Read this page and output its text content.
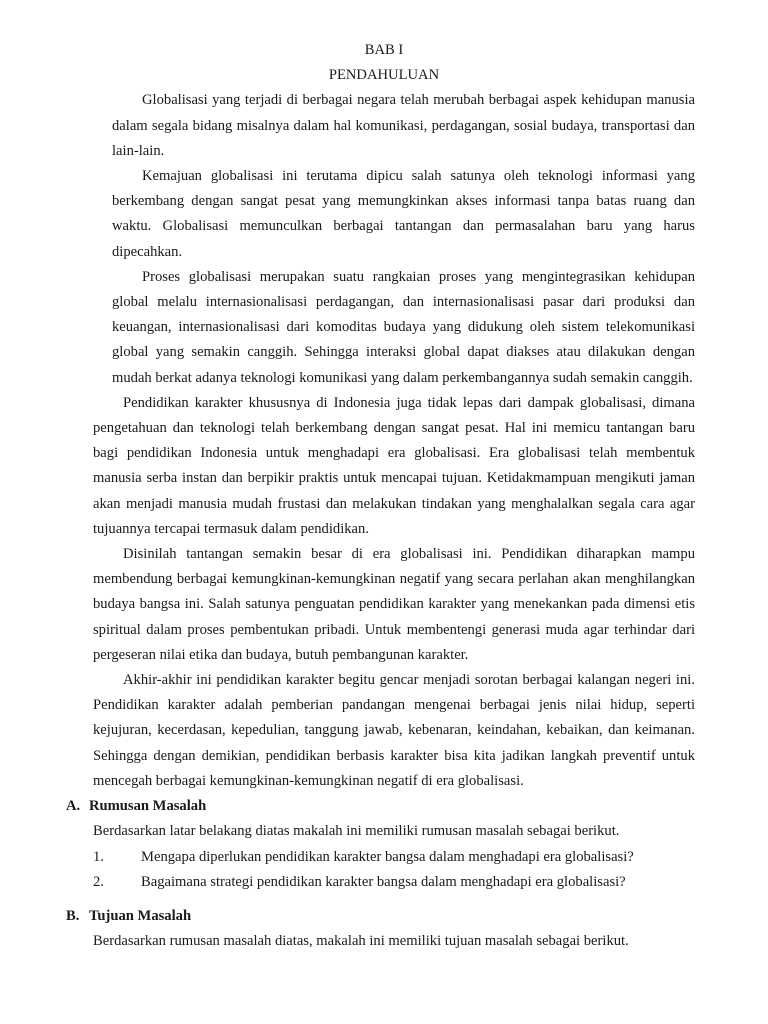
BAB I

PENDAHULUAN

Globalisasi yang terjadi di berbagai negara telah merubah berbagai aspek kehidupan manusia dalam segala bidang misalnya dalam hal komunikasi, perdagangan, sosial budaya, transportasi dan lain-lain.

Kemajuan globalisasi ini terutama dipicu salah satunya oleh teknologi informasi yang berkembang dengan sangat pesat yang memungkinkan akses informasi tanpa batas ruang dan waktu. Globalisasi memunculkan berbagai tantangan dan permasalahan baru yang harus dipecahkan.

Proses globalisasi merupakan suatu rangkaian proses yang mengintegrasikan kehidupan global melalu internasionalisasi perdagangan, dan internasionalisasi pasar dari produksi dan keuangan, internasionalisasi dari komoditas budaya yang didukung oleh sistem telekomunikasi global yang semakin canggih. Sehingga interaksi global dapat diakses atau dilakukan dengan mudah berkat adanya teknologi komunikasi yang dalam perkembangannya sudah semakin canggih.

Pendidikan karakter khususnya di Indonesia juga tidak lepas dari dampak globalisasi, dimana pengetahuan dan teknologi telah berkembang dengan sangat pesat. Hal ini memicu tantangan baru bagi pendidikan Indonesia untuk menghadapi era globalisasi. Era globalisasi telah membentuk manusia serba instan dan berpikir praktis untuk mencapai tujuan. Ketidakmampuan mengikuti jaman akan menjadi manusia mudah frustasi dan melakukan tindakan yang menghalalkan segala cara agar tujuannya tercapai termasuk dalam pendidikan.

Disinilah tantangan semakin besar di era globalisasi ini. Pendidikan diharapkan mampu membendung berbagai kemungkinan-kemungkinan negatif yang secara perlahan akan menghilangkan budaya bangsa ini. Salah satunya penguatan pendidikan karakter yang menekankan pada dimensi etis spiritual dalam proses pembentukan pribadi. Untuk membentengi generasi muda agar terhindar dari pergeseran nilai etika dan budaya, butuh pembangunan karakter.

Akhir-akhir ini pendidikan karakter begitu gencar menjadi sorotan berbagai kalangan negeri ini. Pendidikan karakter adalah pemberian pandangan mengenai berbagai jenis nilai hidup, seperti kejujuran, kecerdasan, kepedulian, tanggung jawab, kebenaran, keindahan, kebaikan, dan keimanan. Sehingga dengan demikian, pendidikan berbasis karakter bisa kita jadikan langkah preventif untuk mencegah berbagai kemungkinan-kemungkinan negatif di era globalisasi.

A. Rumusan Masalah

Berdasarkan latar belakang diatas makalah ini memiliki rumusan masalah sebagai berikut.

1.	Mengapa diperlukan pendidikan karakter bangsa dalam menghadapi era globalisasi?

2.	Bagaimana strategi pendidikan karakter bangsa dalam menghadapi era globalisasi?

B. Tujuan Masalah

Berdasarkan rumusan masalah diatas, makalah ini memiliki tujuan masalah sebagai berikut.
